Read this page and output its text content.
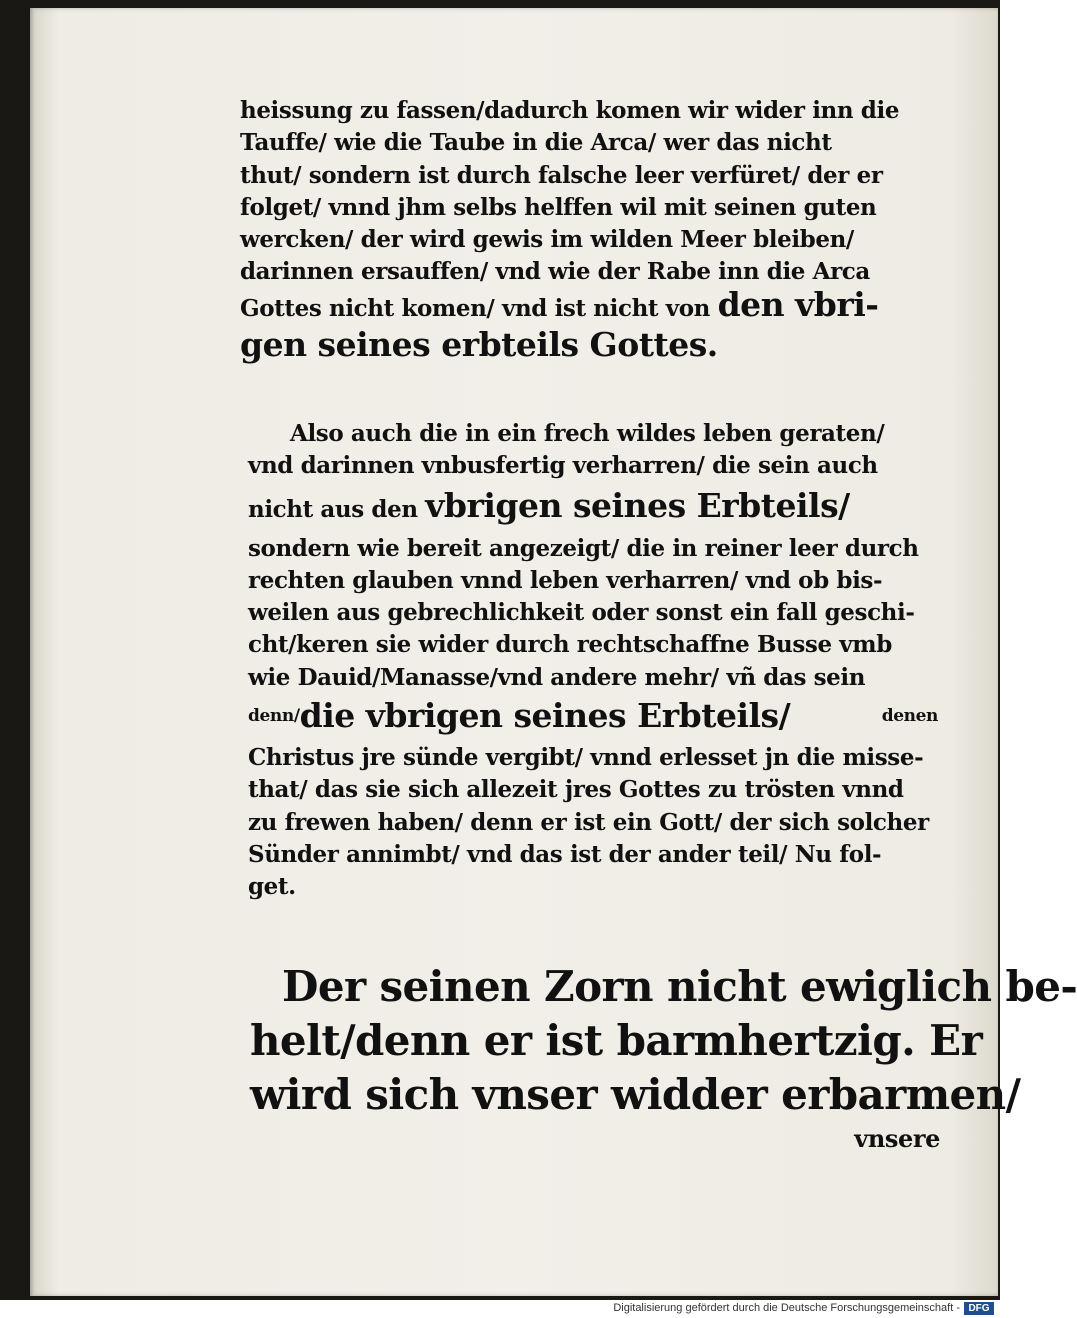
heissung zu fassen/dadurch komen wir wider inn die
Tauffe/ wie die Taube in die Arca/ wer das nicht
thut/ sondern ist durch falsche leer verfüret/ der er
folget/ vnnd jhm selbs helffen wil mit seinen guten
wercken/ der wird gewis im wilden Meer bleiben/
darinnen ersauffen/ vnd wie der Rabe inn die Arca
Gottes nicht komen/ vnd ist nicht von den vbri-
gen seines erbteils Gottes.
Also auch die in ein frech wildes leben geraten/
vnd darinnen vnbusfertig verharren/ die sein auch
nicht aus den vbrigen seines Erbteils/
sondern wie bereit angezeigt/ die in reiner leer durch
rechten glauben vnnd leben verharren/ vnd ob bis-
weilen aus gebrechlichkeit oder sonst ein fall geschi-
cht/keren sie wider durch rechtschaffne Busse vmb
wie Dauid/Manasse/vnd andere mehr/ vñ das sein
$^{denn/}$die vbrigen seines Erbteils/	denen
Christus jre sünde vergibt/ vnnd erlesset jn die misse-
that/ das sie sich allezeit jres Gottes zu trösten vnnd
zu frewen haben/ denn er ist ein Gott/ der sich solcher
Sünder annimbt/ vnd das ist der ander teil/ Nu fol-
get.
Der seinen Zorn nicht ewiglich be-
helt/denn er ist barmhertzig. Er
wird sich vnser widder erbarmen/
vnsere
Digitalisierung gefördert durch die Deutsche Forschungsgemeinschaft - DFG
